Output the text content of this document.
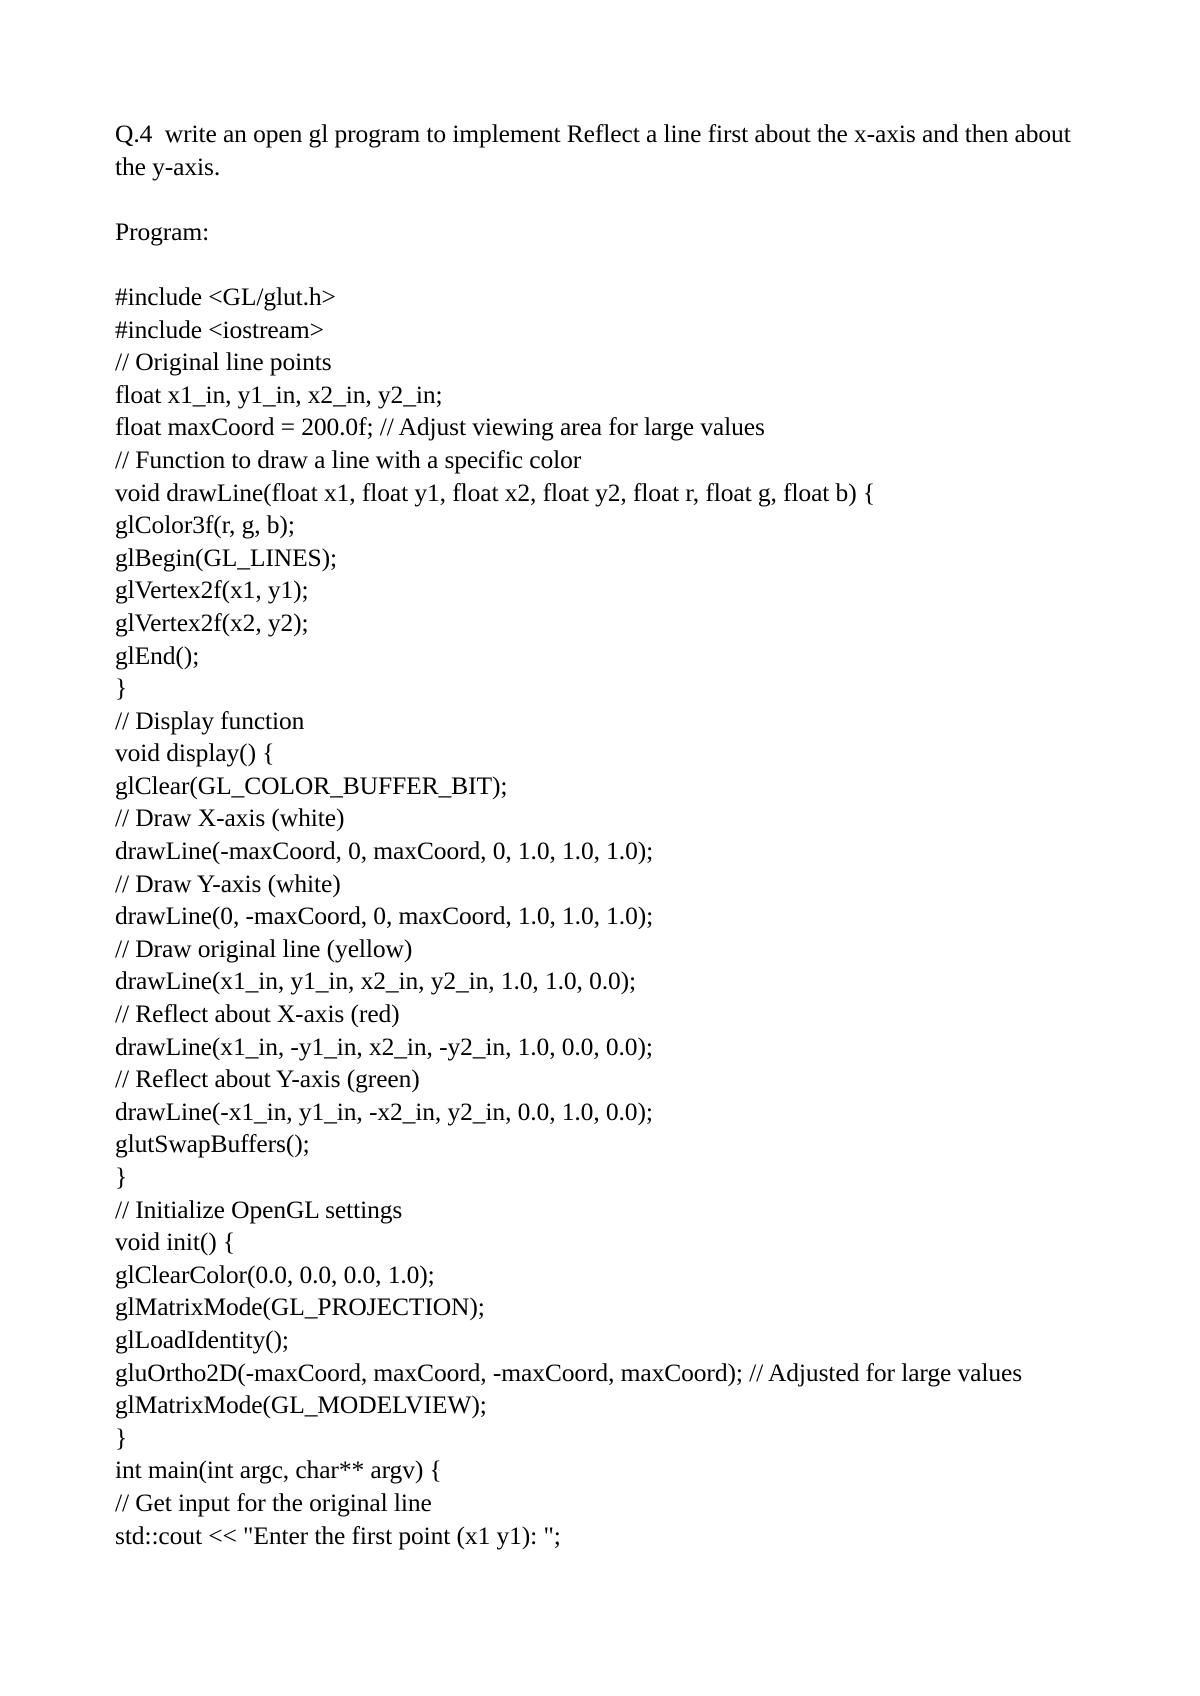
Q.4  write an open gl program to implement Reflect a line first about the x-axis and then about the y-axis.
Program:
#include <GL/glut.h>
#include <iostream>
// Original line points
float x1_in, y1_in, x2_in, y2_in;
float maxCoord = 200.0f; // Adjust viewing area for large values
// Function to draw a line with a specific color
void drawLine(float x1, float y1, float x2, float y2, float r, float g, float b) {
glColor3f(r, g, b);
glBegin(GL_LINES);
glVertex2f(x1, y1);
glVertex2f(x2, y2);
glEnd();
}
// Display function
void display() {
glClear(GL_COLOR_BUFFER_BIT);
// Draw X-axis (white)
drawLine(-maxCoord, 0, maxCoord, 0, 1.0, 1.0, 1.0);
// Draw Y-axis (white)
drawLine(0, -maxCoord, 0, maxCoord, 1.0, 1.0, 1.0);
// Draw original line (yellow)
drawLine(x1_in, y1_in, x2_in, y2_in, 1.0, 1.0, 0.0);
// Reflect about X-axis (red)
drawLine(x1_in, -y1_in, x2_in, -y2_in, 1.0, 0.0, 0.0);
// Reflect about Y-axis (green)
drawLine(-x1_in, y1_in, -x2_in, y2_in, 0.0, 1.0, 0.0);
glutSwapBuffers();
}
// Initialize OpenGL settings
void init() {
glClearColor(0.0, 0.0, 0.0, 1.0);
glMatrixMode(GL_PROJECTION);
glLoadIdentity();
gluOrtho2D(-maxCoord, maxCoord, -maxCoord, maxCoord); // Adjusted for large values
glMatrixMode(GL_MODELVIEW);
}
int main(int argc, char** argv) {
// Get input for the original line
std::cout << "Enter the first point (x1 y1): ";
